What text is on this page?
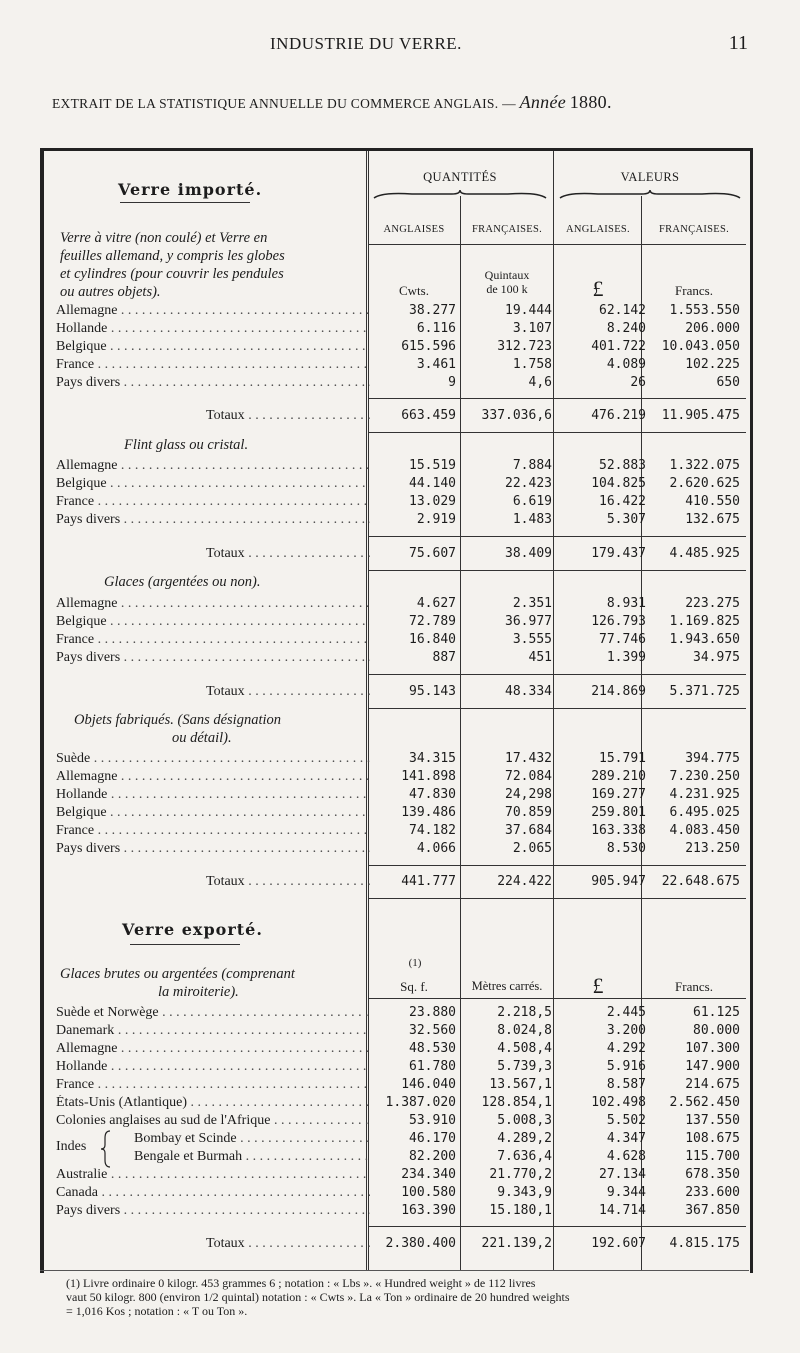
INDUSTRIE DU VERRE.	11
EXTRAIT DE LA STATISTIQUE ANNUELLE DU COMMERCE ANGLAIS. — Année 1880.
QUANTITÉS	VALEURS
ANGLAISES	FRANÇAISES.	ANGLAISES.	FRANÇAISES.
Verre importé.
Cwts.
Quintaux
de 100 k	£	Francs.
Verre à vitre (non coulé) et Verre en
feuilles allemand, y compris les globes
et cylindres (pour couvrir les pendules
ou autres objets).
Allemagne . . .	38.277	19.444	62.142	1.553.550
Hollande . . .	6.116	3.107	8.240	206.000
Belgique . . .	615.596	312.723	401.722	10.043.050
France . . .	3.461	1.758	4.089	102.225
Pays divers . . .	9	4,6	26	650
Totaux . . .	663.459	337.036,6	476.219	11.905.475
Flint glass ou cristal.
Allemagne . . .	15.519	7.884	52.883	1.322.075
Belgique . . .	44.140	22.423	104.825	2.620.625
France . . .	13.029	6.619	16.422	410.550
Pays divers . . .	2.919	1.483	5.307	132.675
Totaux . . .	75.607	38.409	179.437	4.485.925
Glaces (argentées ou non).
Allemagne . . .	4.627	2.351	8.931	223.275
Belgique . . .	72.789	36.977	126.793	1.169.825
France . . .	16.840	3.555	77.746	1.943.650
Pays divers . . .	887	451	1.399	34.975
Totaux . . .	95.143	48.334	214.869	5.371.725
Objets fabriqués. (Sans désignation
ou détail).
Suède . . .	34.315	17.432	15.791	394.775
Allemagne . . .	141.898	72.084	289.210	7.230.250
Hollande . . .	47.830	24,298	169.277	4.231.925
Belgique . . .	139.486	70.859	259.801	6.495.025
France . . .	74.182	37.684	163.338	4.083.450
Pays divers . . .	4.066	2.065	8.530	213.250
Totaux . . .	441.777	224.422	905.947	22.648.675
Verre exporté.
(1)
Sq. f.	Mètres carrés.	£	Francs.
Glaces brutes ou argentées (comprenant
la miroiterie).
Suède et Norwège . . .	23.880	2.218,5	2.445	61.125
Danemark . . .	32.560	8.024,8	3.200	80.000
Allemagne . . .	48.530	4.508,4	4.292	107.300
Hollande . . .	61.780	5.739,3	5.916	147.900
France . . .	146.040	13.567,1	8.587	214.675
États-Unis (Atlantique) . . .	1.387.020	128.854,1	102.498	2.562.450
Colonies anglaises au sud de l'Afrique . . .	53.910	5.008,3	5.502	137.550
Indes
Bombay et Scinde . . .	46.170	4.289,2	4.347	108.675
Bengale et Burmah . . .	82.200	7.636,4	4.628	115.700
Australie . . .	234.340	21.770,2	27.134	678.350
Canada . . .	100.580	9.343,9	9.344	233.600
Pays divers . . .	163.390	15.180,1	14.714	367.850
Totaux . . .	2.380.400	221.139,2	192.607	4.815.175
(1) Livre ordinaire 0 kilogr. 453 grammes 6 ; notation : « Lbs ». « Hundred weight » de 112 livres
vaut 50 kilogr. 800 (environ 1/2 quintal) notation : « Cwts ». La « Ton » ordinaire de 20 hundred weights
= 1,016 Kos ; notation : « T ou Ton ».
